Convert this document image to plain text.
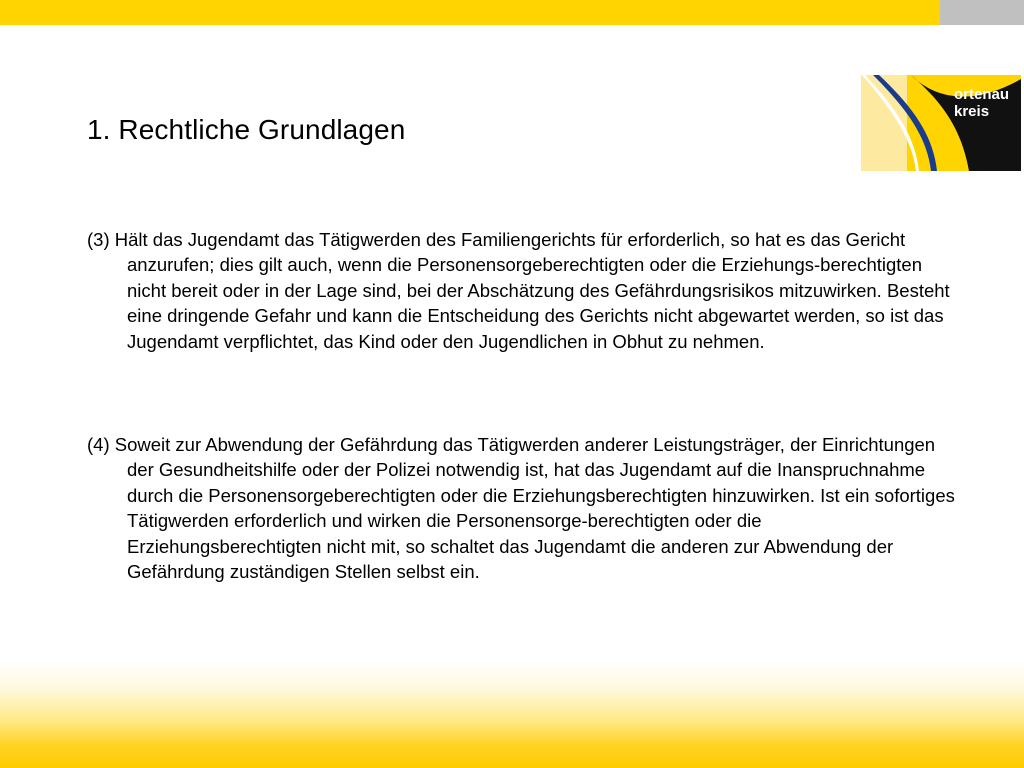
ortenau
kreis
1. Rechtliche Grundlagen

(3) Hält das Jugendamt das Tätigwerden des Familiengerichts für erforderlich, so hat es das Gericht anzurufen; dies gilt auch, wenn die Personensorgeberechtigten oder die Erziehungs-berechtigten nicht bereit oder in der Lage sind, bei der Abschätzung des Gefährdungsrisikos mitzuwirken. Besteht eine dringende Gefahr und kann die Entscheidung des Gerichts nicht abgewartet werden, so ist das Jugendamt verpflichtet, das Kind oder den Jugendlichen in Obhut zu nehmen.

(4) Soweit zur Abwendung der Gefährdung das Tätigwerden anderer Leistungsträger, der Einrichtungen der Gesundheitshilfe oder der Polizei notwendig ist, hat das Jugendamt auf die Inanspruchnahme durch die Personensorgeberechtigten oder die Erziehungsberechtigten hinzuwirken. Ist ein sofortiges Tätigwerden erforderlich und wirken die Personensorge-berechtigten oder die Erziehungsberechtigten nicht mit, so schaltet das Jugendamt die anderen zur Abwendung der Gefährdung zuständigen Stellen selbst ein.
